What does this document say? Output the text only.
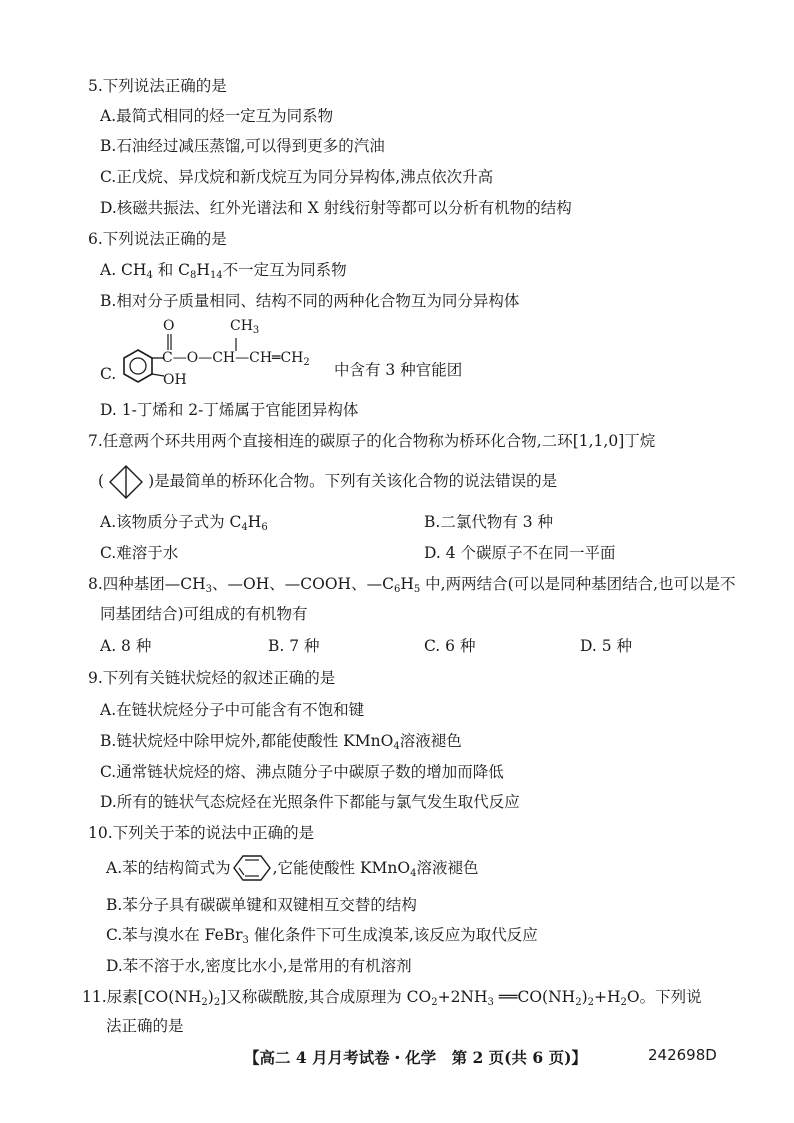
5.下列说法正确的是
A.最简式相同的烃一定互为同系物
B.石油经过减压蒸馏,可以得到更多的汽油
C.正戊烷、异戊烷和新戊烷互为同分异构体,沸点依次升高
D.核磁共振法、红外光谱法和 X 射线衍射等都可以分析有机物的结构
6.下列说法正确的是
A. $CH_4$ 和 $C_8H_{14}$不一定互为同系物
B.相对分子质量相同、结构不同的两种化合物互为同分异构体
C.
O	$CH_3$
$C—O—CH—CH═CH_2$
OH
中含有 3 种官能团
D. 1-丁烯和 2-丁烯属于官能团异构体
7.任意两个环共用两个直接相连的碳原子的化合物称为桥环化合物,二环[1,1,0]丁烷
(	)是最简单的桥环化合物。下列有关该化合物的说法错误的是
A.该物质分子式为 $C_4H_6$	B.二氯代物有 3 种
C.难溶于水	D. 4 个碳原子不在同一平面
8.四种基团$—CH_3$、—OH、—COOH、$—C_6H_5$ 中,两两结合(可以是同种基团结合,也可以是不
同基团结合)可组成的有机物有
A. 8 种	B. 7 种	C. 6 种	D. 5 种
9.下列有关链状烷烃的叙述正确的是
A.在链状烷烃分子中可能含有不饱和键
B.链状烷烃中除甲烷外,都能使酸性 KMnO$_4$溶液褪色
C.通常链状烷烃的熔、沸点随分子中碳原子数的增加而降低
D.所有的链状气态烷烃在光照条件下都能与氯气发生取代反应
10.下列关于苯的说法中正确的是
A.苯的结构简式为	,它能使酸性 KMnO$_4$溶液褪色
B.苯分子具有碳碳单键和双键相互交替的结构
C.苯与溴水在 FeBr$_3$ 催化条件下可生成溴苯,该反应为取代反应
D.苯不溶于水,密度比水小,是常用的有机溶剂
11.尿素$[CO(NH_2)_2]$又称碳酰胺,其合成原理为 $CO_2+2NH_3$ $══CO(NH_2)_2+H_2O$。下列说
法正确的是
【高二 4 月月考试卷・化学　第 2 页(共 6 页)】	242698D
